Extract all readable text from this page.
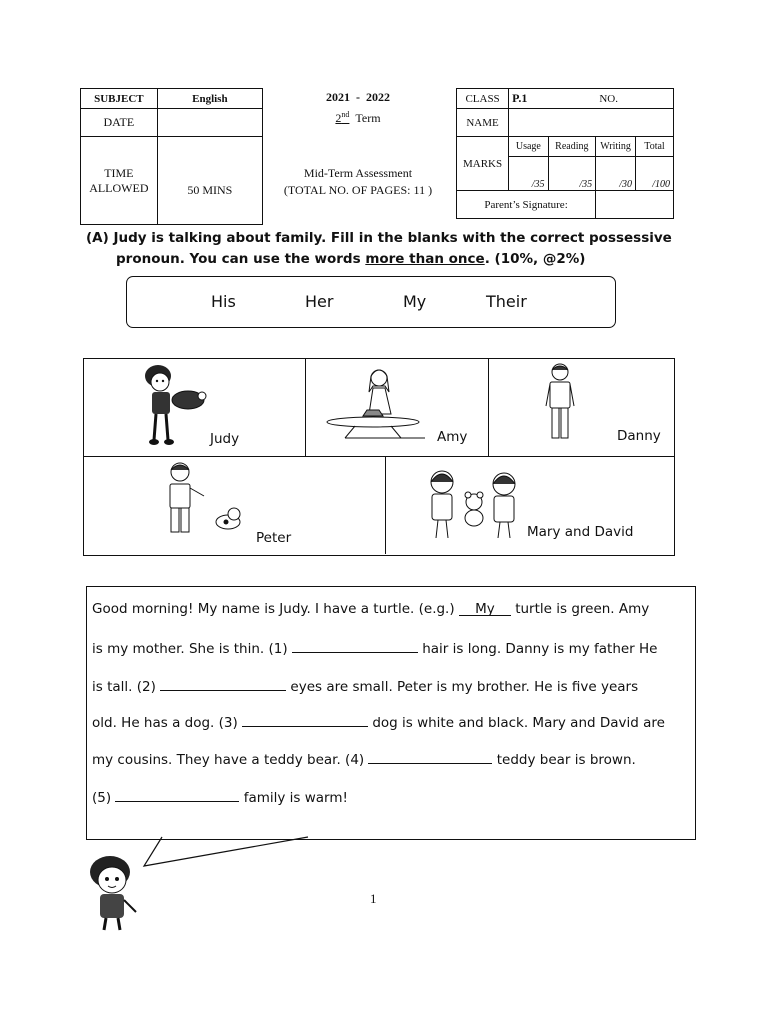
SUBJECT	English
DATE	
TIME
ALLOWED	50 MINS
2021 - 2022
2nd Term
Mid-Term Assessment
(TOTAL NO. OF PAGES: 11 )
CLASS	P.1 NO.			
NAME				
MARKS	Usage	Reading	Writing	Total
	/35	/35	/30	/100
Parent’s Signature:				
(A) Judy is talking about family. Fill in the blanks with the correct possessive
pronoun. You can use the words more than once. (10%, @2%)
His	Her	My	Their
Judy	Amy	Danny
Peter	Mary and David
Good morning! My name is Judy. I have a turtle. (e.g.) My turtle is green. Amy
is my mother. She is thin. (1)	hair is long. Danny is my father He
is tall. (2)	eyes are small. Peter is my brother. He is five years
old. He has a dog. (3)	dog is white and black. Mary and David are
my cousins. They have a teddy bear. (4)	teddy bear is brown.
(5)	family is warm!
1
